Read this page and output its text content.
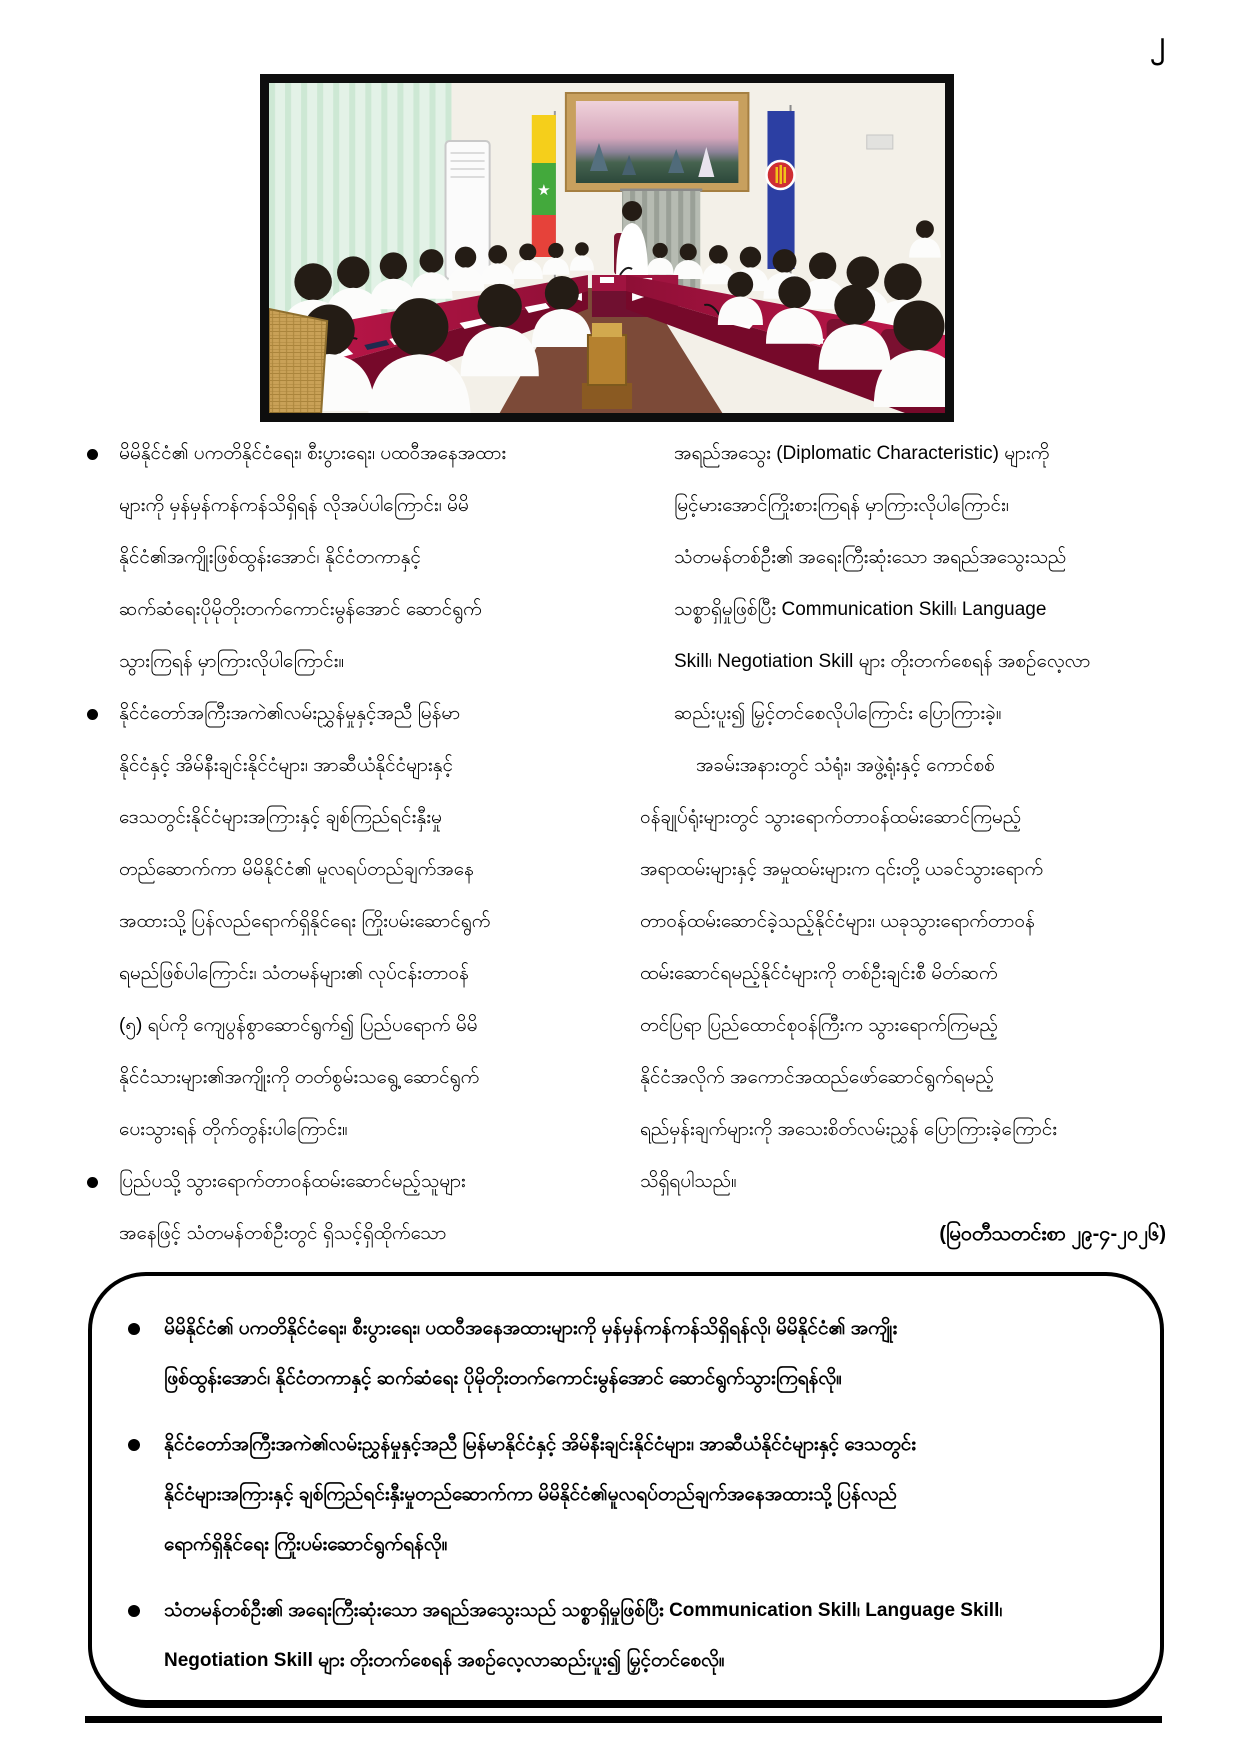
၂
★
မိမိနိုင်ငံ၏ ပကတိနိုင်ငံရေး၊ စီးပွားရေး၊ ပထဝီအနေအထား
များကို မှန်မှန်ကန်ကန်သိရှိရန် လိုအပ်ပါကြောင်း၊ မိမိ
နိုင်ငံ၏အကျိုးဖြစ်ထွန်းအောင်၊ နိုင်ငံတကာနှင့်
ဆက်ဆံရေးပိုမိုတိုးတက်ကောင်းမွန်အောင် ဆောင်ရွက်
သွားကြရန် မှာကြားလိုပါကြောင်း။
နိုင်ငံတော်အကြီးအကဲ၏လမ်းညွှန်မှုနှင့်အညီ မြန်မာ
နိုင်ငံနှင့် အိမ်နီးချင်းနိုင်ငံများ၊ အာဆီယံနိုင်ငံများနှင့်
ဒေသတွင်းနိုင်ငံများအကြားနှင့် ချစ်ကြည်ရင်းနှီးမှု
တည်ဆောက်ကာ မိမိနိုင်ငံ၏ မူလရပ်တည်ချက်အနေ
အထားသို့ ပြန်လည်ရောက်ရှိနိုင်ရေး ကြိုးပမ်းဆောင်ရွက်
ရမည်ဖြစ်ပါကြောင်း၊ သံတမန်များ၏ လုပ်ငန်းတာဝန်
(၅) ရပ်ကို ကျေပွန်စွာဆောင်ရွက်၍ ပြည်ပရောက် မိမိ
နိုင်ငံသားများ၏အကျိုးကို တတ်စွမ်းသရွေ့ ဆောင်ရွက်
ပေးသွားရန် တိုက်တွန်းပါကြောင်း။
ပြည်ပသို့ သွားရောက်တာဝန်ထမ်းဆောင်မည့်သူများ
အနေဖြင့် သံတမန်တစ်ဦးတွင် ရှိသင့်ရှိထိုက်သော
အရည်အသွေး (Diplomatic Characteristic) များကို
မြင့်မားအောင်ကြိုးစားကြရန် မှာကြားလိုပါကြောင်း၊
သံတမန်တစ်ဦး၏ အရေးကြီးဆုံးသော အရည်အသွေးသည်
သစ္စာရှိမှုဖြစ်ပြီး Communication Skill၊ Language
Skill၊ Negotiation Skill များ တိုးတက်စေရန် အစဉ်လေ့လာ
ဆည်းပူး၍ မြှင့်တင်စေလိုပါကြောင်း ပြောကြားခဲ့။
အခမ်းအနားတွင် သံရုံး၊ အဖွဲ့ရုံးနှင့် ကောင်စစ်
ဝန်ချုပ်ရုံးများတွင် သွားရောက်တာဝန်ထမ်းဆောင်ကြမည့်
အရာထမ်းများနှင့် အမှုထမ်းများက ၎င်းတို့ ယခင်သွားရောက်
တာဝန်ထမ်းဆောင်ခဲ့သည့်နိုင်ငံများ၊ ယခုသွားရောက်တာဝန်
ထမ်းဆောင်ရမည့်နိုင်ငံများကို တစ်ဦးချင်းစီ မိတ်ဆက်
တင်ပြရာ ပြည်ထောင်စုဝန်ကြီးက သွားရောက်ကြမည့်
နိုင်ငံအလိုက် အကောင်အထည်ဖော်ဆောင်ရွက်ရမည့်
ရည်မှန်းချက်များကို အသေးစိတ်လမ်းညွှန် ပြောကြားခဲ့ကြောင်း
သိရှိရပါသည်။
(မြဝတီသတင်းစာ ၂၉-၄-၂၀၂၆)
မိမိနိုင်ငံ၏ ပကတိနိုင်ငံရေး၊ စီးပွားရေး၊ ပထဝီအနေအထားများကို မှန်မှန်ကန်ကန်သိရှိရန်လို၊ မိမိနိုင်ငံ၏ အကျိုး
ဖြစ်ထွန်းအောင်၊ နိုင်ငံတကာနှင့် ဆက်ဆံရေး ပိုမိုတိုးတက်ကောင်းမွန်အောင် ဆောင်ရွက်သွားကြရန်လို။
နိုင်ငံတော်အကြီးအကဲ၏လမ်းညွှန်မှုနှင့်အညီ မြန်မာနိုင်ငံနှင့် အိမ်နီးချင်းနိုင်ငံများ၊ အာဆီယံနိုင်ငံများနှင့် ဒေသတွင်း
နိုင်ငံများအကြားနှင့် ချစ်ကြည်ရင်းနှီးမှုတည်ဆောက်ကာ မိမိနိုင်ငံ၏မူလရပ်တည်ချက်အနေအထားသို့ ပြန်လည်
ရောက်ရှိနိုင်ရေး ကြိုးပမ်းဆောင်ရွက်ရန်လို။
သံတမန်တစ်ဦး၏ အရေးကြီးဆုံးသော အရည်အသွေးသည် သစ္စာရှိမှုဖြစ်ပြီး Communication Skill၊ Language Skill၊
Negotiation Skill များ တိုးတက်စေရန် အစဉ်လေ့လာဆည်းပူး၍ မြှင့်တင်စေလို။
